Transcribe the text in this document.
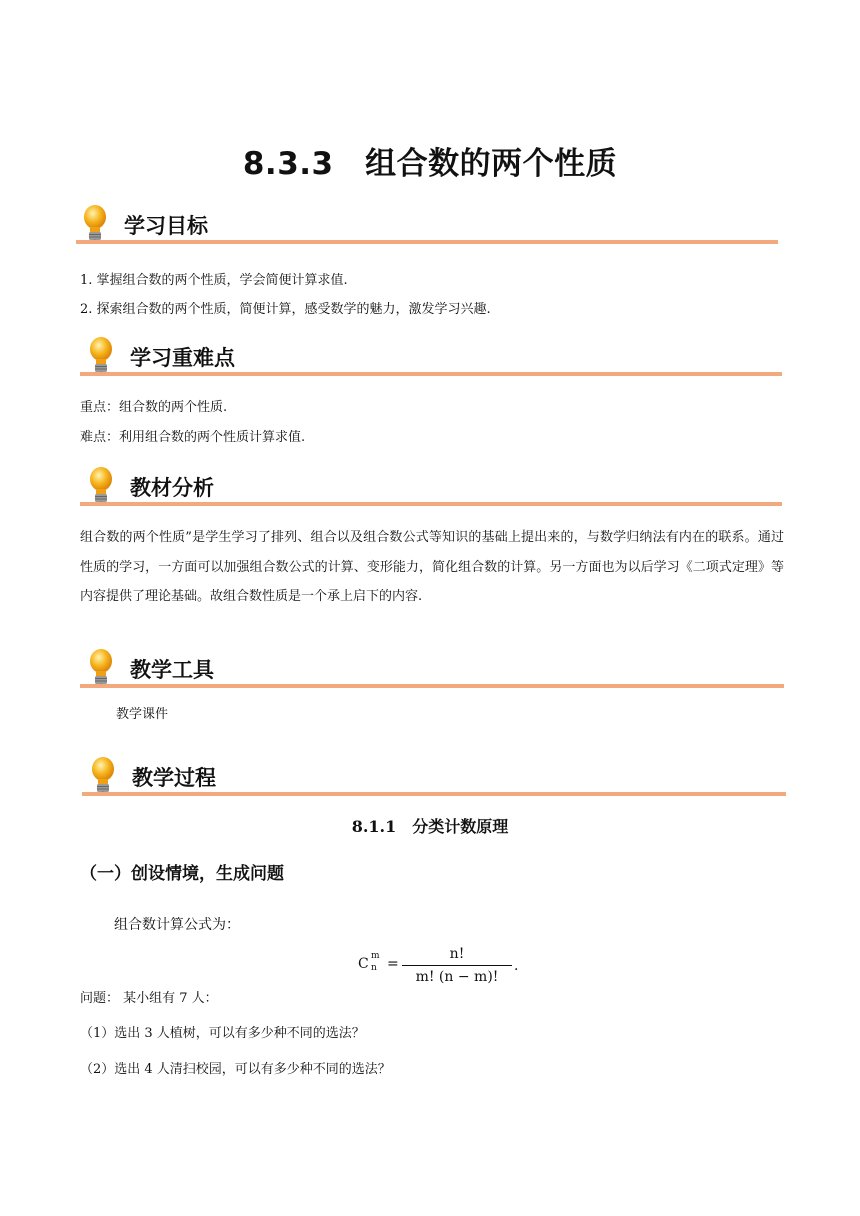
8.3.3　组合数的两个性质
学习目标
1. 掌握组合数的两个性质，学会简便计算求值.
2. 探索组合数的两个性质，简便计算，感受数学的魅力，激发学习兴趣.
学习重难点
重点：组合数的两个性质.
难点：利用组合数的两个性质计算求值.
教材分析
组合数的两个性质”是学生学习了排列、组合以及组合数公式等知识的基础上提出来的，与数学归纳法有内在的联系。通过性质的学习，一方面可以加强组合数公式的计算、变形能力，简化组合数的计算。另一方面也为以后学习《二项式定理》等内容提供了理论基础。故组合数性质是一个承上启下的内容.
教学工具
教学课件
教学过程
8.1.1　分类计数原理
（一）创设情境，生成问题
组合数计算公式为：
C m
n =
n!
m! (n − m)!
.
问题： 某小组有 7 人：
（1）选出 3 人植树，可以有多少种不同的选法？
（2）选出 4 人清扫校园，可以有多少种不同的选法？
